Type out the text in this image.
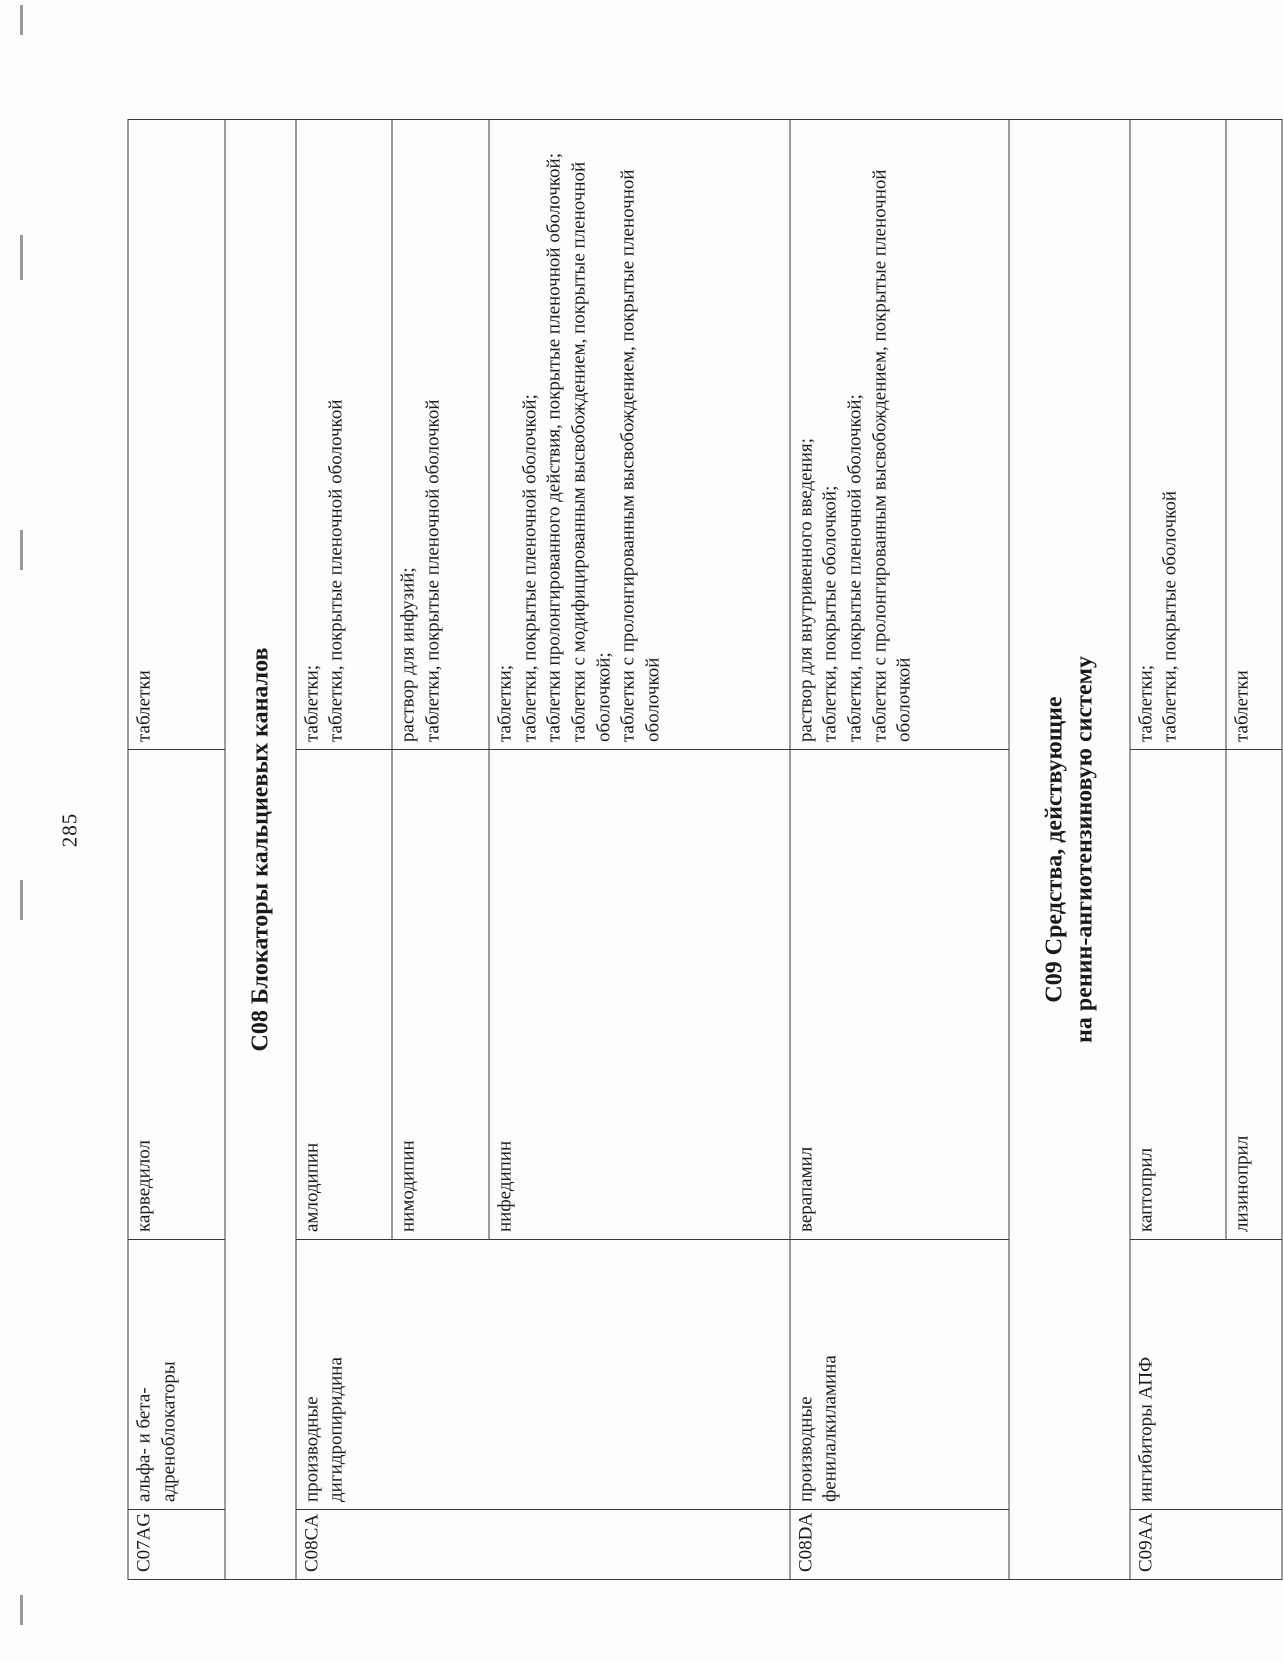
285
C07AG	альфа- и бета-адреноблокаторы	карведилол	таблетки

C08 Блокаторы кальциевых каналов			

C08CA	производные дигидропиридина	амлодипин	таблетки; таблетки, покрытые пленочной оболочкой

		нимодипин	раствор для инфузий; таблетки, покрытые пленочной оболочкой

		нифедипин	таблетки; таблетки, покрытые пленочной оболочкой; таблетки пролонгированного действия, покрытые пленочной оболочкой; таблетки с модифицированным высвобождением, покрытые пленочной оболочкой; таблетки с пролонгированным высвобождением, покрытые пленочной оболочкой

C08DA	производные фенилалкиламина	верапамил	раствор для внутривенного введения; таблетки, покрытые оболочкой; таблетки, покрытые пленочной оболочкой; таблетки с пролонгированным высвобождением, покрытые пленочной оболочкой

C09 Средства, действующие на ренин-ангиотензиновую систему			

C09AA	ингибиторы АПФ	каптоприл	таблетки; таблетки, покрытые оболочкой

		лизиноприл	таблетки
